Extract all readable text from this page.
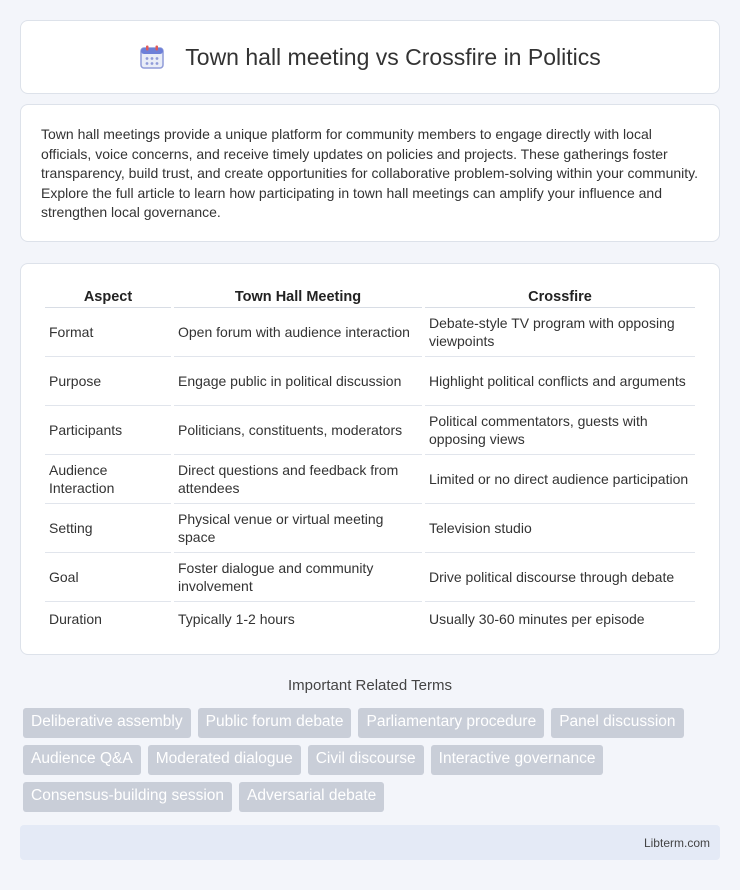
Town hall meeting vs Crossfire in Politics

Town hall meetings provide a unique platform for community members to engage directly with local officials, voice concerns, and receive timely updates on policies and projects. These gatherings foster transparency, build trust, and create opportunities for collaborative problem-solving within your community. Explore the full article to learn how participating in town hall meetings can amplify your influence and strengthen local governance.

Aspect	Town Hall Meeting	Crossfire
Format	Open forum with audience interaction	Debate-style TV program with opposing viewpoints
Purpose	Engage public in political discussion	Highlight political conflicts and arguments
Participants	Politicians, constituents, moderators	Political commentators, guests with opposing views
Audience Interaction	Direct questions and feedback from attendees	Limited or no direct audience participation
Setting	Physical venue or virtual meeting space	Television studio
Goal	Foster dialogue and community involvement	Drive political discourse through debate
Duration	Typically 1-2 hours	Usually 30-60 minutes per episode
Important Related Terms
Deliberative assembly	Public forum debate	Parliamentary procedure	Panel discussion
Audience Q&A	Moderated dialogue	Civil discourse	Interactive governance
Consensus-building session	Adversarial debate
Libterm.com
